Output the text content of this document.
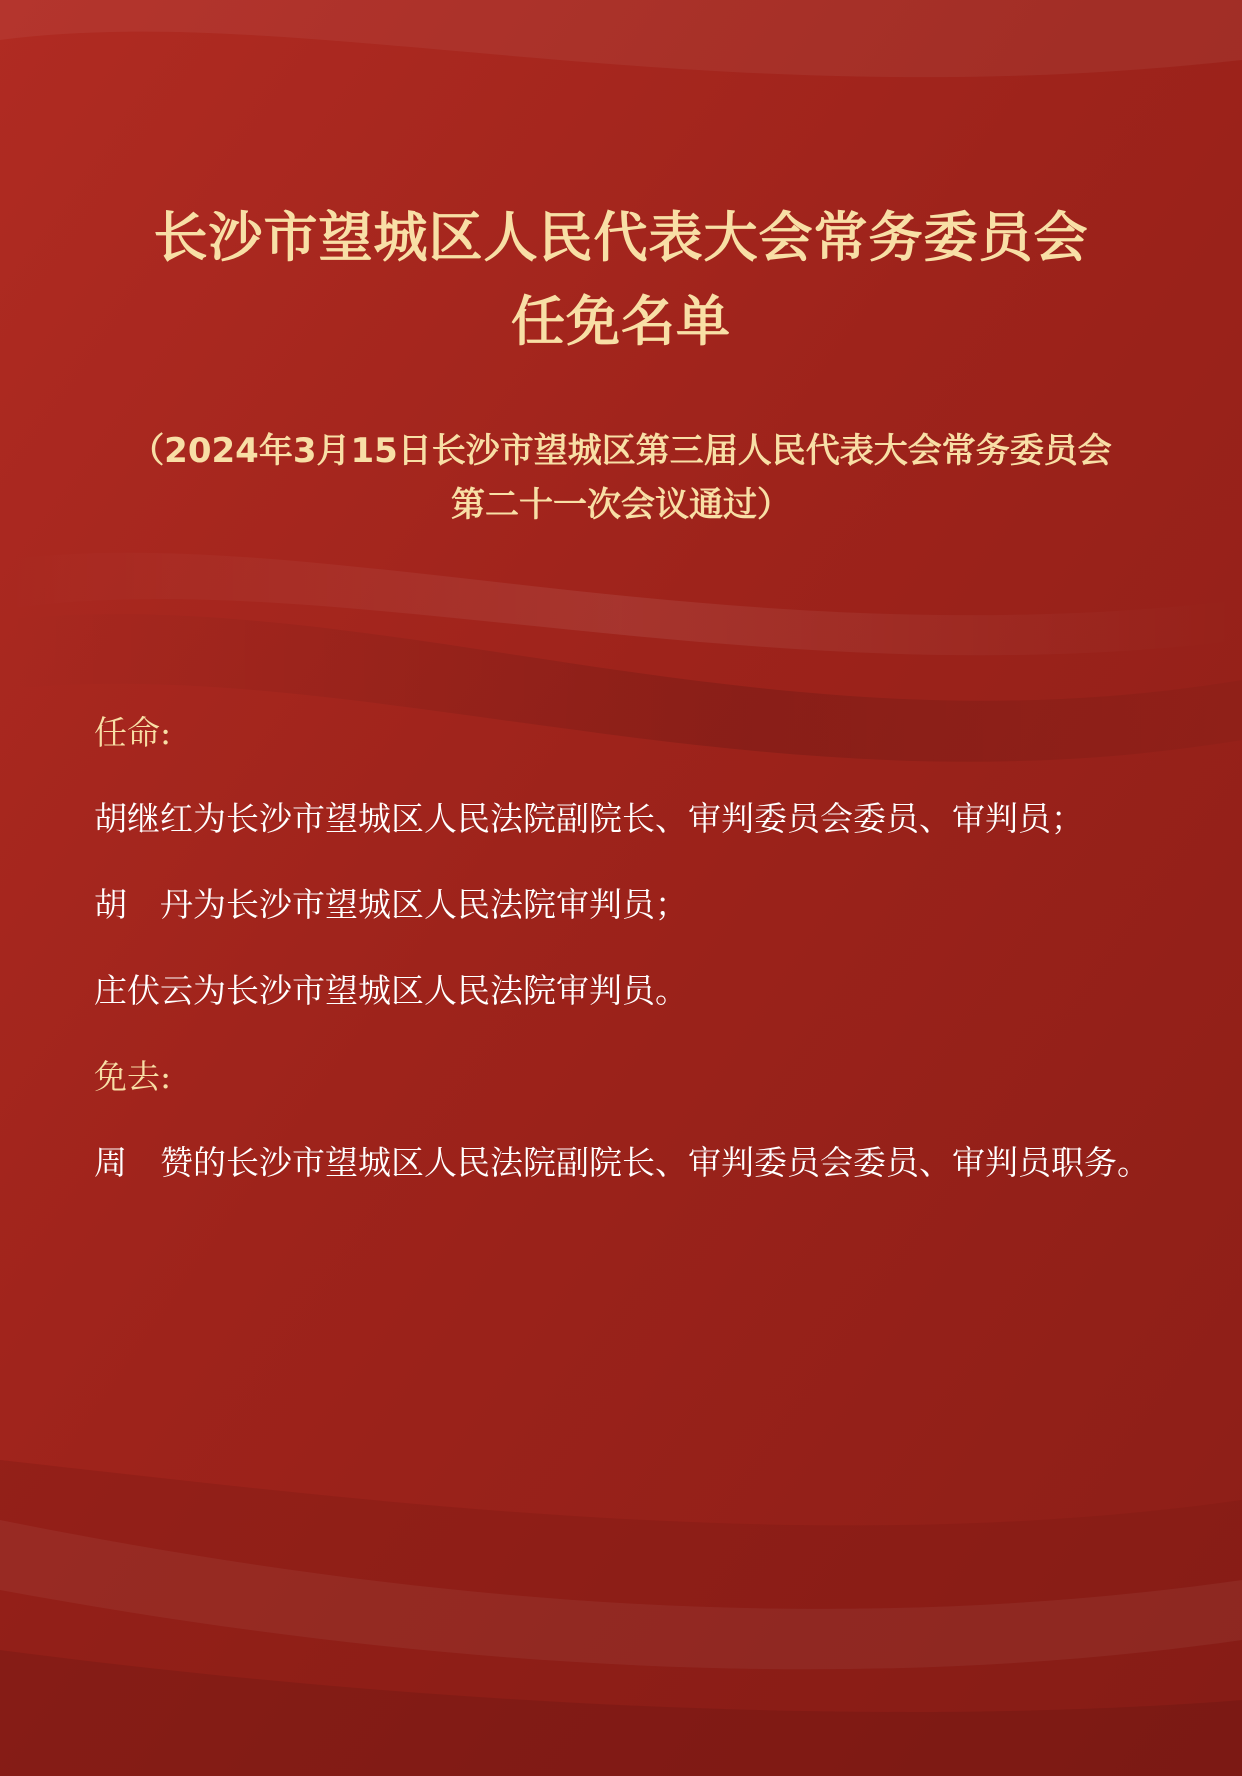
长沙市望城区人民代表大会常务委员会
任免名单

（2024年3月15日长沙市望城区第三届人民代表大会常务委员会
第二十一次会议通过）

任命:

胡继红为长沙市望城区人民法院副院长、审判委员会委员、审判员；

胡　丹为长沙市望城区人民法院审判员；

庄伏云为长沙市望城区人民法院审判员。

免去:

周　赞的长沙市望城区人民法院副院长、审判委员会委员、审判员职务。
